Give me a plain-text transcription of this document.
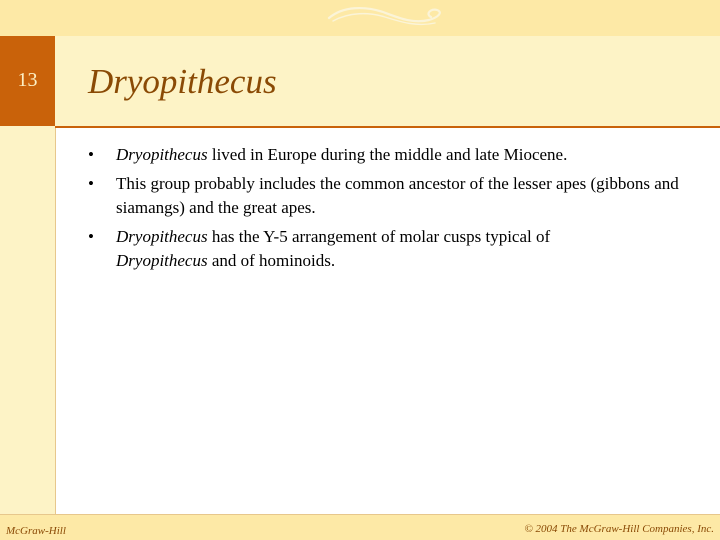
13	Dryopithecus
• Dryopithecus lived in Europe during the middle and late Miocene.
• This group probably includes the common ancestor of the lesser apes (gibbons and siamangs) and the great apes.
• Dryopithecus has the Y-5 arrangement of molar cusps typical of
Dryopithecus and of hominoids.
McGraw-Hill	© 2004 The McGraw-Hill Companies, Inc.
